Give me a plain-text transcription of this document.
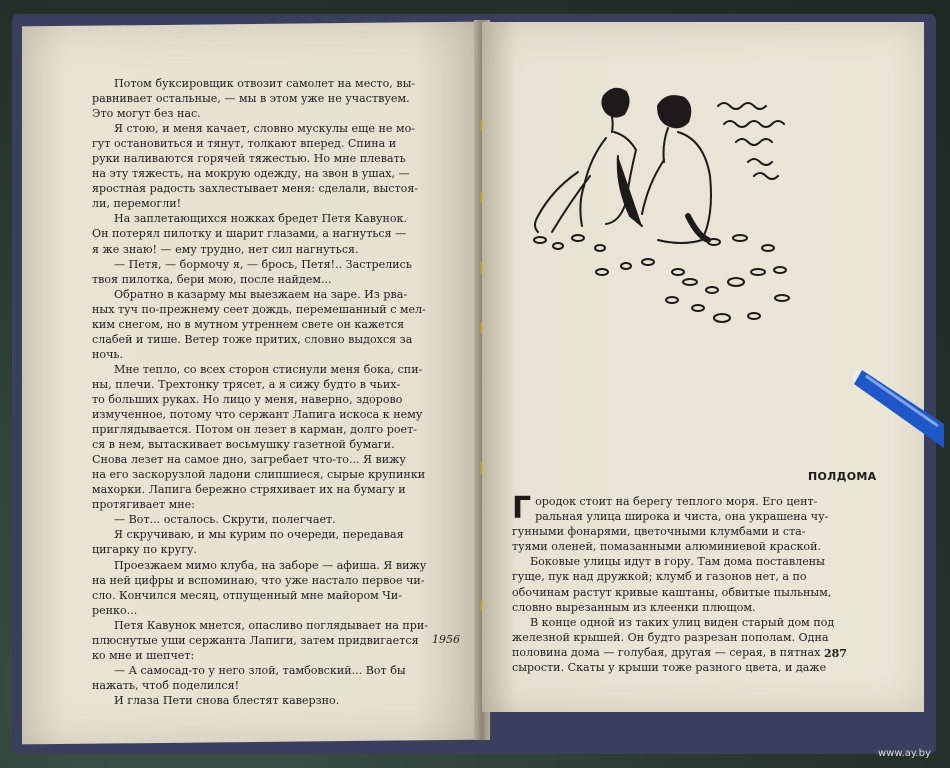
Потом буксировщик отвозит самолет на место, вы-
равнивает остальные, — мы в этом уже не участвуем.
Это могут без нас.

Я стою, и меня качает, словно мускулы еще не мо-
гут остановиться и тянут, толкают вперед. Спина и
руки наливаются горячей тяжестью. Но мне плевать
на эту тяжесть, на мокрую одежду, на звон в ушах, —
яростная радость захлестывает меня: сделали, выстоя-
ли, перемогли!

На заплетающихся ножках бредет Петя Кавунок.
Он потерял пилотку и шарит глазами, а нагнуться —
я же знаю! — ему трудно, нет сил нагнуться.

— Петя, — бормочу я, — брось, Петя!.. Застрелись
твоя пилотка, бери мою, после найдем...

Обратно в казарму мы выезжаем на заре. Из рва-
ных туч по-прежнему сеет дождь, перемешанный с мел-
ким снегом, но в мутном утреннем свете он кажется
слабей и тише. Ветер тоже притих, словно выдохся за
ночь.

Мне тепло, со всех сторон стиснули меня бока, спи-
ны, плечи. Трехтонку трясет, а я сижу будто в чьих-
то больших руках. Но лицо у меня, наверно, здорово
измученное, потому что сержант Лапига искоса к нему
приглядывается. Потом он лезет в карман, долго роет-
ся в нем, вытаскивает восьмушку газетной бумаги.
Снова лезет на самое дно, загребает что-то... Я вижу
на его заскорузлой ладони слипшиеся, сырые крупинки
махорки. Лапига бережно стряхивает их на бумагу и
протягивает мне:

— Вот... осталось. Скрути, полегчает.

Я скручиваю, и мы курим по очереди, передавая
цигарку по кругу.

Проезжаем мимо клуба, на заборе — афиша. Я вижу
на ней цифры и вспоминаю, что уже настало первое чи-
сло. Кончился месяц, отпущенный мне майором Чи-
ренко...

Петя Кавунок мнется, опасливо поглядывает на при-
плюснутые уши сержанта Лапиги, затем придвигается
ко мне и шепчет:

— А самосад-то у него злой, тамбовский... Вот бы
нажать, чтоб поделился!

И глаза Пети снова блестят каверзно.

1956
ПОЛДОМА

Городок стоит на берегу теплого моря. Его цент-
ральная улица широка и чиста, она украшена чу-
гунными фонарями, цветочными клумбами и ста-
туями оленей, помазанными алюминиевой краской.

Боковые улицы идут в гору. Там дома поставлены
гуще, пук над дружкой; клумб и газонов нет, а по
обочинам растут кривые каштаны, обвитые пыльным,
словно вырезанным из клеенки плющом.

В конце одной из таких улиц виден старый дом под
железной крышей. Он будто разрезан пополам. Одна
половина дома — голубая, другая — серая, в пятнах
сырости. Скаты у крыши тоже разного цвета, и даже

287
www.ay.by
